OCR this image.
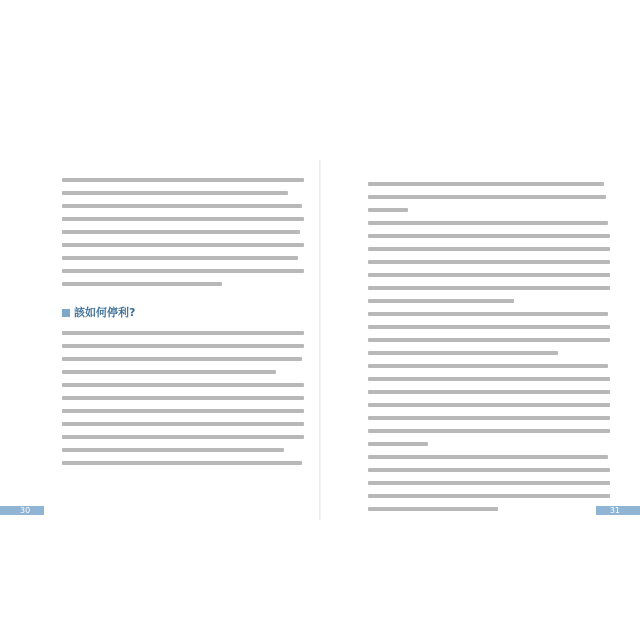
該如何停利?
30	31
